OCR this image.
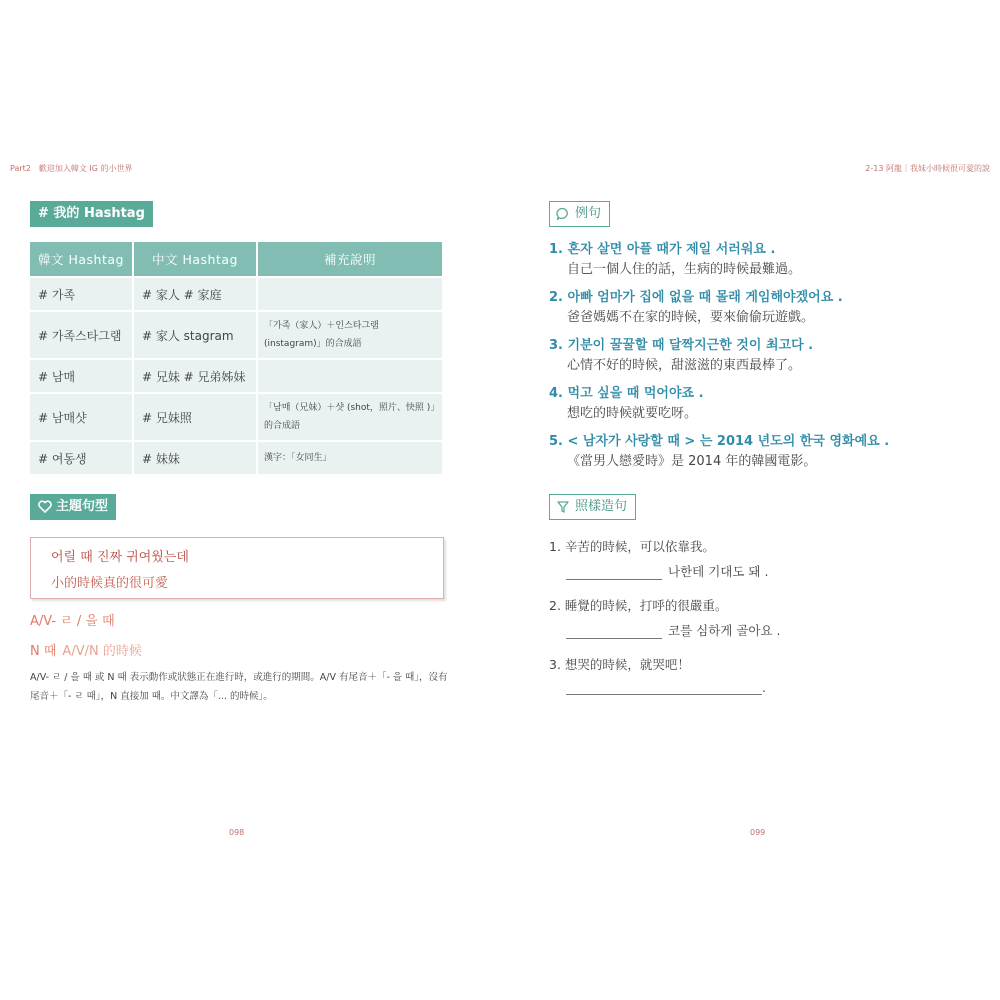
Part2　歡迎加入韓文 IG 的小世界
# 我的 Hashtag
韓文 Hashtag	中文 Hashtag	補充說明
# 가족	# 家人 # 家庭	
# 가족스타그램	# 家人 stagram	「가족（家人）＋인스타그램 (instagram)」的合成語
# 남매	# 兄妹 # 兄弟姊妹	
# 남매샷	# 兄妹照	「남매（兄妹）＋샷 (shot，照片、快照 )」的合成語
# 여동생	# 妹妹	漢字：「女同生」
主題句型
어릴 때 진짜 귀여웠는데
小的時候真的很可愛
A/V- ㄹ / 을 때
N 때 A/V/N 的時候
A/V- ㄹ / 을 때 或 N 때 表示動作或狀態正在進行時，或進行的期間。A/V 有尾音＋「- 을 때」，沒有尾音＋「- ㄹ 때」，N 直接加 때。中文譯為「... 的時候」。
098
2-13 阿龍｜我妹小時候很可愛的說
例句
1. 혼자 살면 아플 때가 제일 서러워요 .
自己一個人住的話，生病的時候最難過。
2. 아빠 엄마가 집에 없을 때 몰래 게임해야겠어요 .
爸爸媽媽不在家的時候，要來偷偷玩遊戲。
3. 기분이 꿀꿀할 때 달짝지근한 것이 최고다 .
心情不好的時候，甜滋滋的東西最棒了。
4. 먹고 싶을 때 먹어야죠 .
想吃的時候就要吃呀。
5. < 남자가 사랑할 때 > 는 2014 년도의 한국 영화예요 .
《當男人戀愛時》是 2014 年的韓國電影。
照樣造句
1. 辛苦的時候，可以依靠我。
나한테 기대도 돼 .
2. 睡覺的時候，打呼的很嚴重。
코를 심하게 골아요 .
3. 想哭的時候，就哭吧！
.
099
